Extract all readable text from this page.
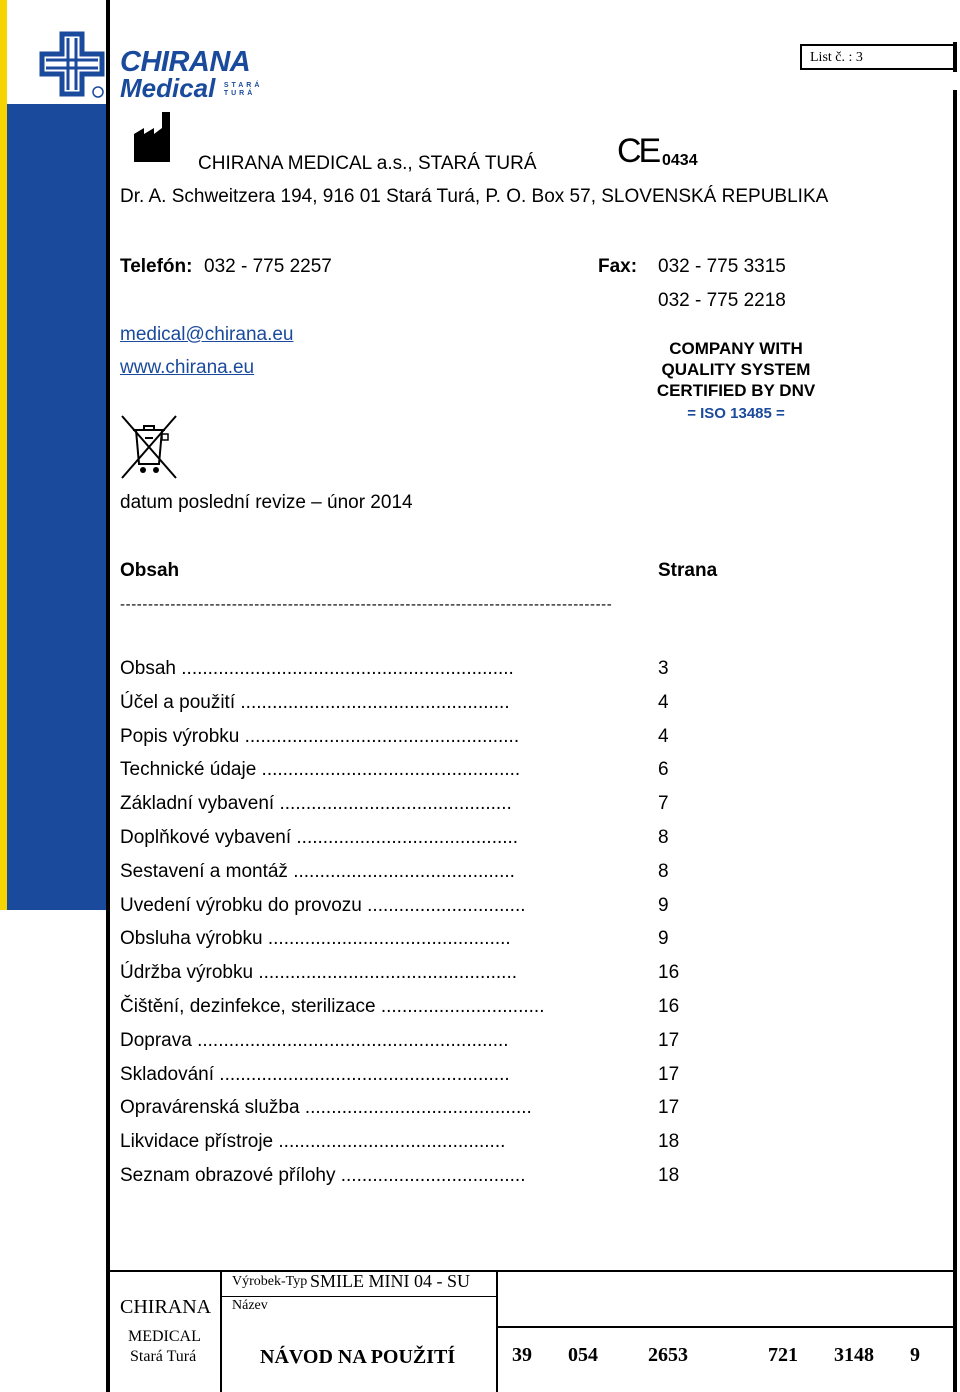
CHIRANA
Medical STARÁ TURÁ
List č. : 3
CHIRANA MEDICAL a.s., STARÁ TURÁ CE 0434
Dr. A. Schweitzera 194, 916 01 Stará Turá, P. O. Box 57, SLOVENSKÁ REPUBLIKA
Telefón: 032 - 775 2257	Fax: 032 - 775 3315
032 - 775 2218
medical@chirana.eu
www.chirana.eu
COMPANY WITH
QUALITY SYSTEM
CERTIFIED BY DNV
= ISO 13485 =
datum poslední revize – únor 2014
Obsah	Strana
----------------------------------------------------------------------------------------
Obsah ...............................................................	3
Účel a použití ...................................................	4
Popis výrobku ....................................................	4
Technické údaje .................................................	6
Základní vybavení ............................................	7
Doplňkové vybavení ..........................................	8
Sestavení a montáž ..........................................	8
Uvedení výrobku do provozu ..............................	9
Obsluha výrobku ..............................................	9
Údržba výrobku .................................................	16
Čištění, dezinfekce, sterilizace ...............................	16
Doprava ...........................................................	17
Skladování .......................................................	17
Opravárenská služba ...........................................	17
Likvidace přístroje ...........................................	18
Seznam obrazové přílohy ...................................	18
CHIRANA
MEDICAL
Stará Turá
Výrobek-Typ SMILE MINI 04 - SU
Název
NÁVOD NA POUŽITÍ	39 054	2653	721 3148 9
